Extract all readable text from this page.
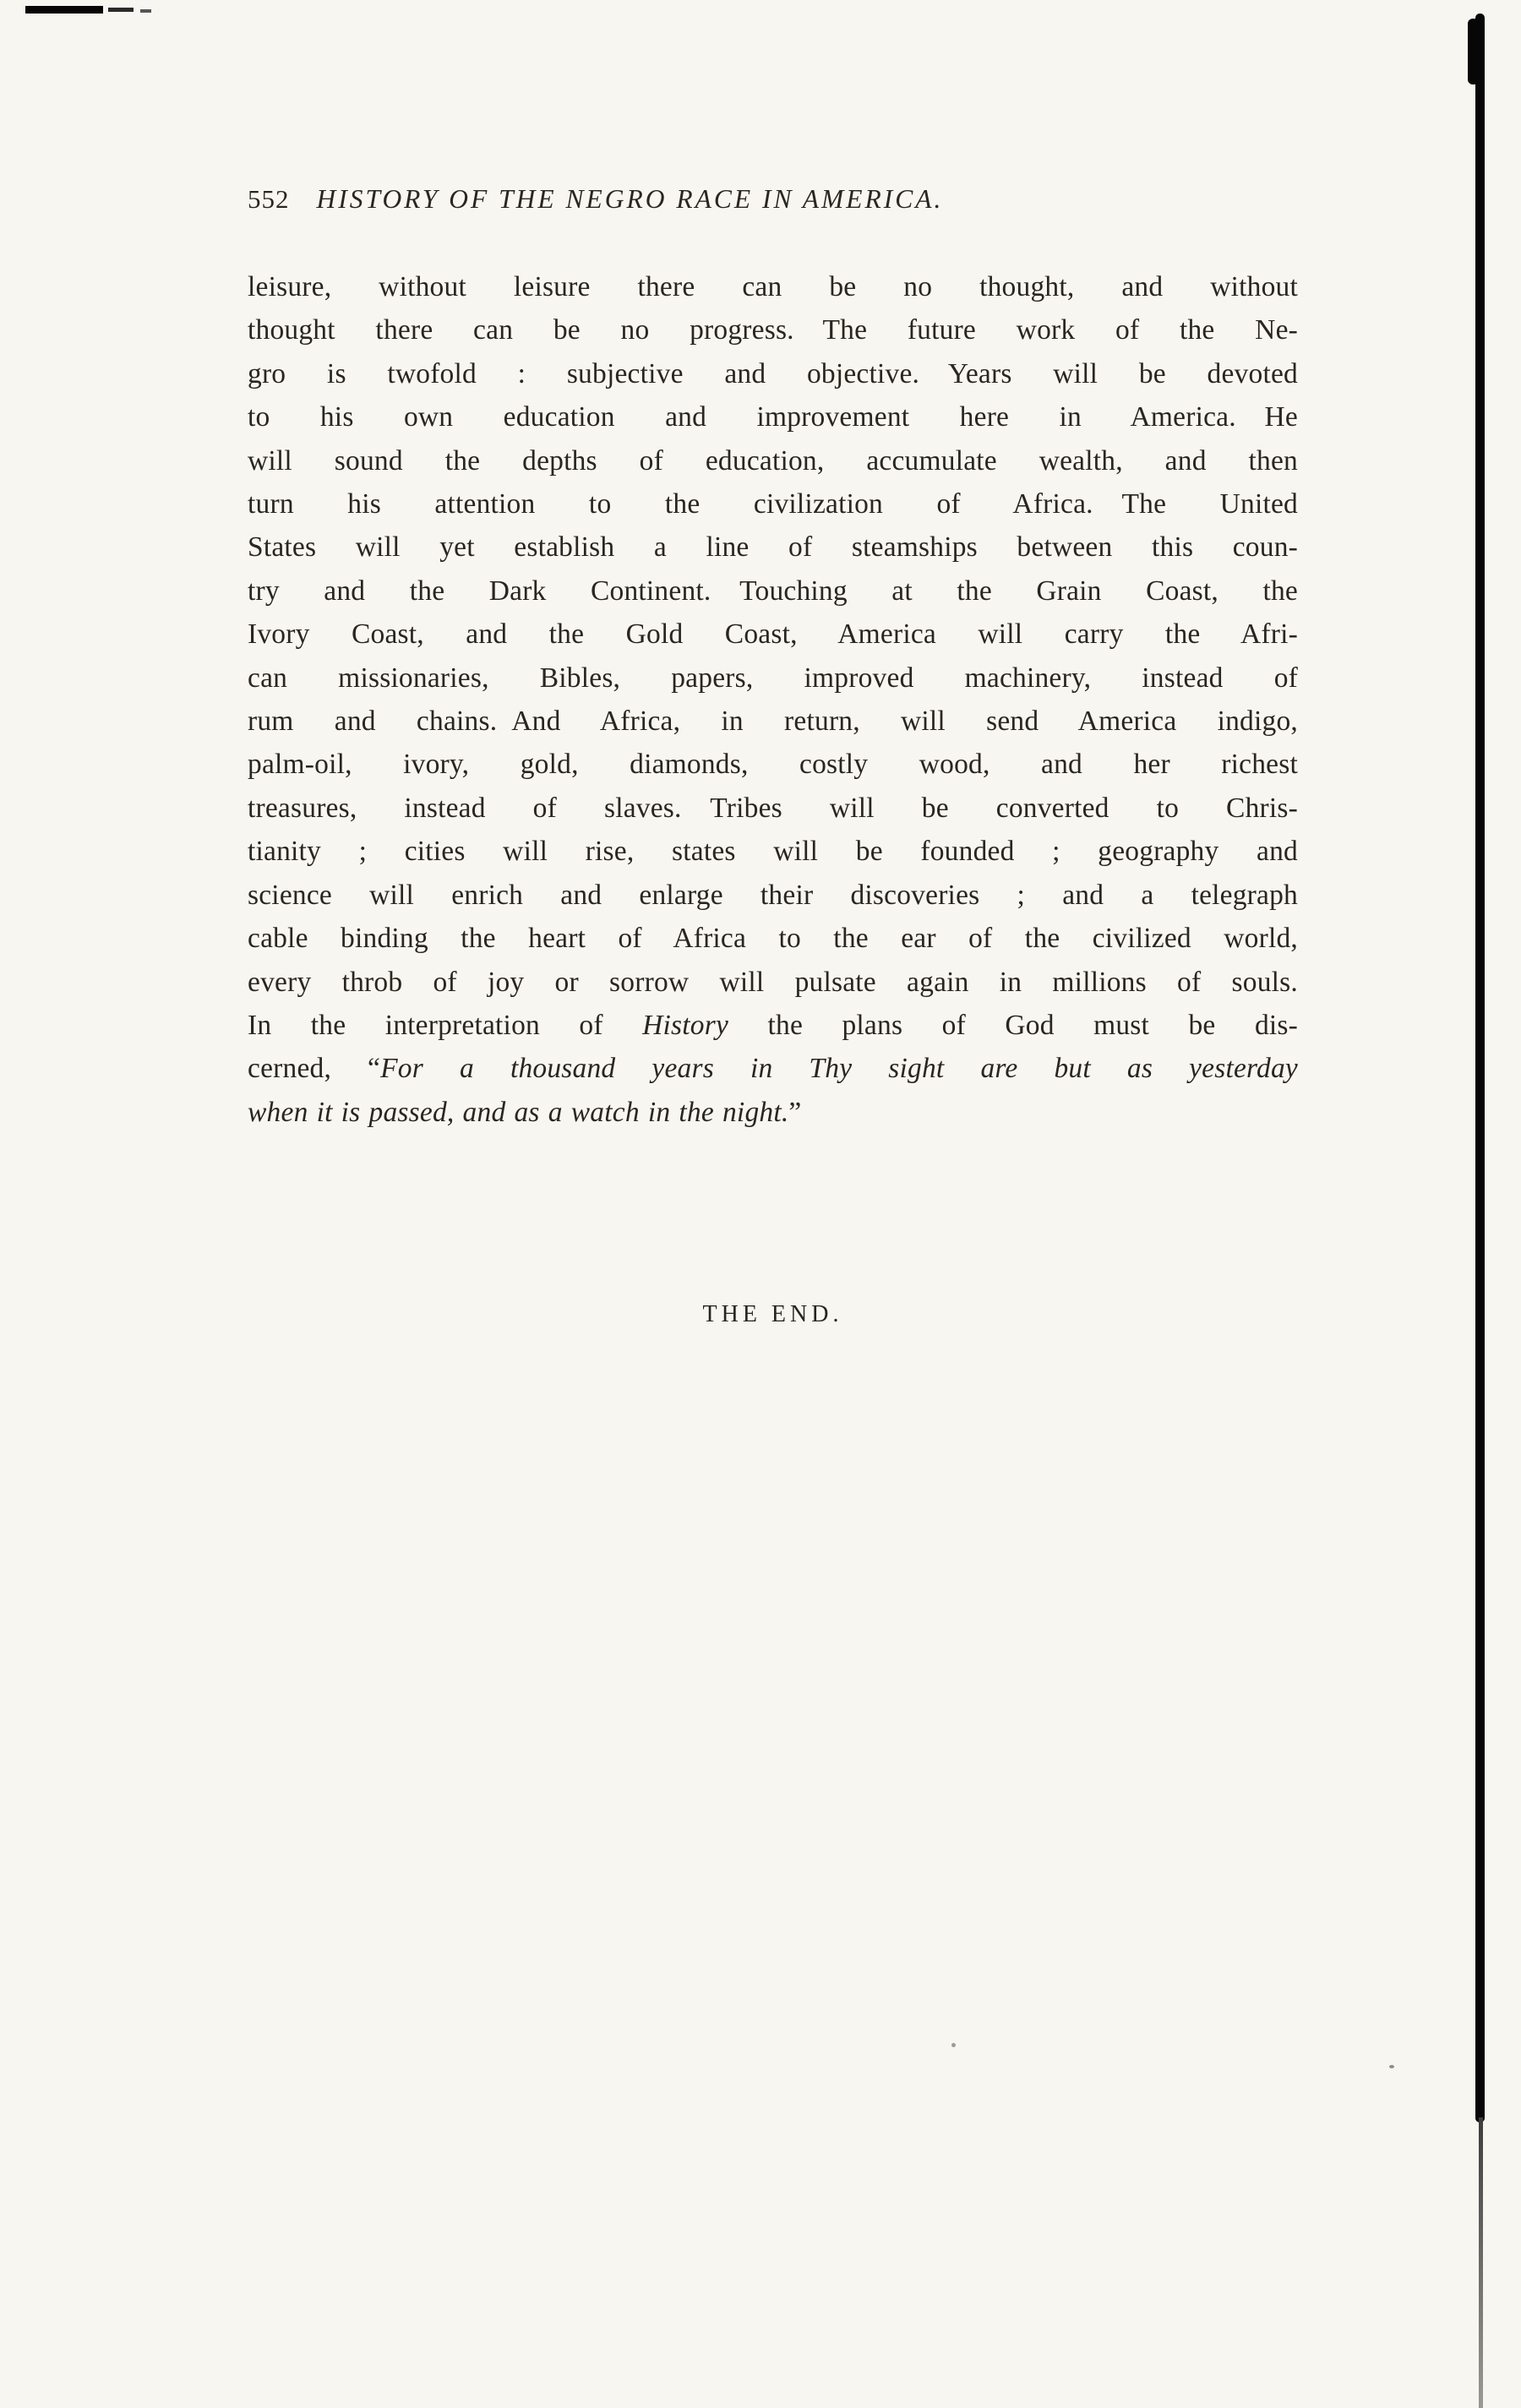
552 HISTORY OF THE NEGRO RACE IN AMERICA.
leisure, without leisure there can be no thought, and without
thought there can be no progress. The future work of the Ne-
gro is twofold : subjective and objective. Years will be devoted
to his own education and improvement here in America. He
will sound the depths of education, accumulate wealth, and then
turn his attention to the civilization of Africa. The United
States will yet establish a line of steamships between this coun-
try and the Dark Continent. Touching at the Grain Coast, the
Ivory Coast, and the Gold Coast, America will carry the Afri-
can missionaries, Bibles, papers, improved machinery, instead of
rum and chains. And Africa, in return, will send America indigo,
palm-oil, ivory, gold, diamonds, costly wood, and her richest
treasures, instead of slaves. Tribes will be converted to Chris-
tianity ; cities will rise, states will be founded ; geography and
science will enrich and enlarge their discoveries ; and a telegraph
cable binding the heart of Africa to the ear of the civilized world,
every throb of joy or sorrow will pulsate again in millions of souls.
In the interpretation of History the plans of God must be dis-
cerned, “For a thousand years in Thy sight are but as yesterday
when it is passed, and as a watch in the night.”
THE END.
